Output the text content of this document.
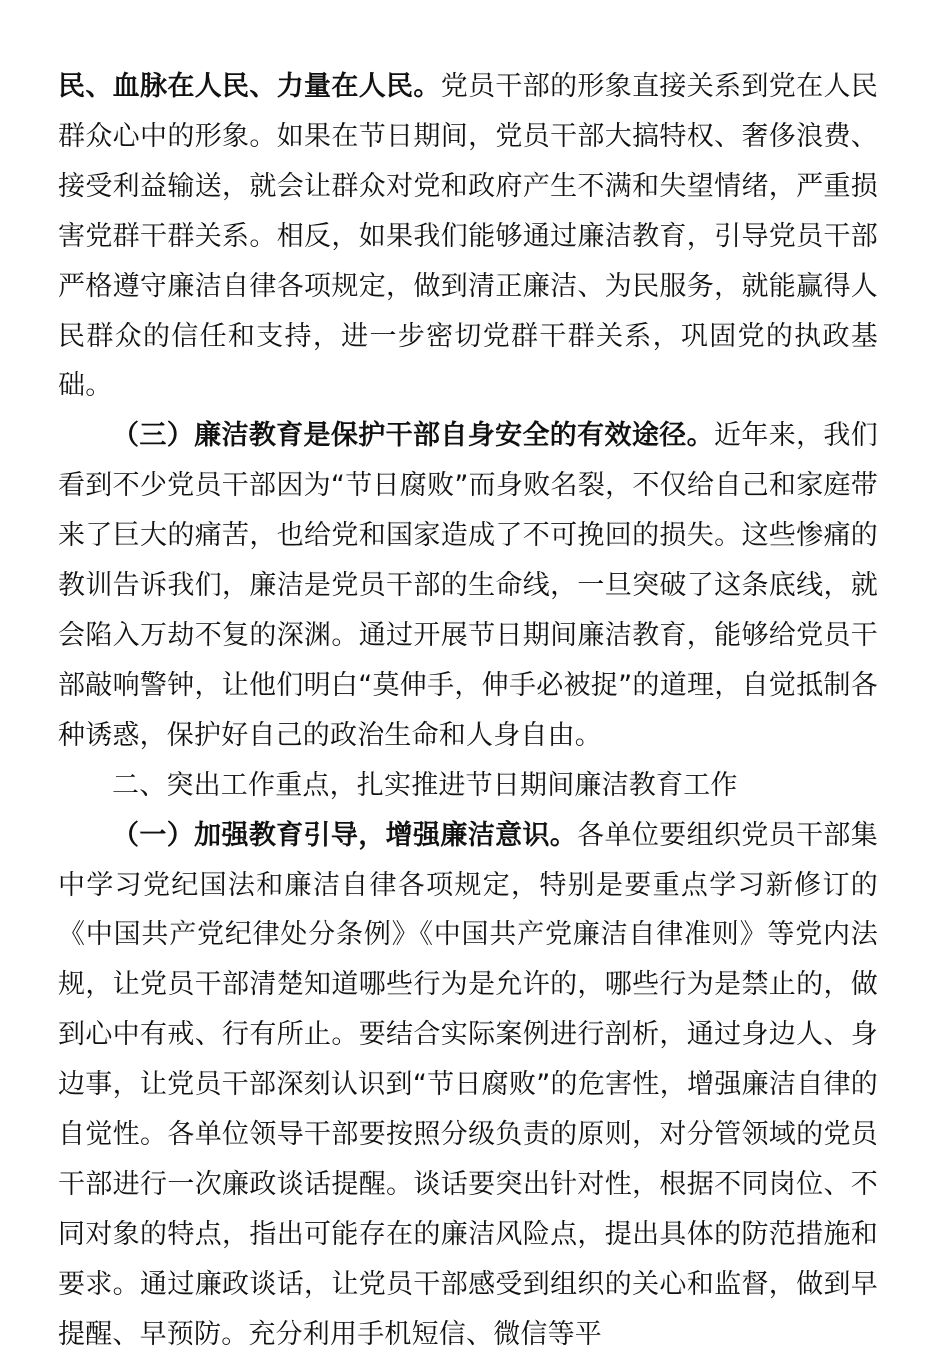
民、血脉在人民、力量在人民。党员干部的形象直接关系到党在人民群众心中的形象。如果在节日期间，党员干部大搞特权、奢侈浪费、接受利益输送，就会让群众对党和政府产生不满和失望情绪，严重损害党群干群关系。相反，如果我们能够通过廉洁教育，引导党员干部严格遵守廉洁自律各项规定，做到清正廉洁、为民服务，就能赢得人民群众的信任和支持，进一步密切党群干群关系，巩固党的执政基础。

（三）廉洁教育是保护干部自身安全的有效途径。近年来，我们看到不少党员干部因为“节日腐败”而身败名裂，不仅给自己和家庭带来了巨大的痛苦，也给党和国家造成了不可挽回的损失。这些惨痛的教训告诉我们，廉洁是党员干部的生命线，一旦突破了这条底线，就会陷入万劫不复的深渊。通过开展节日期间廉洁教育，能够给党员干部敲响警钟，让他们明白“莫伸手，伸手必被捉”的道理，自觉抵制各种诱惑，保护好自己的政治生命和人身自由。

二、突出工作重点，扎实推进节日期间廉洁教育工作

（一）加强教育引导，增强廉洁意识。各单位要组织党员干部集中学习党纪国法和廉洁自律各项规定，特别是要重点学习新修订的《中国共产党纪律处分条例》《中国共产党廉洁自律准则》等党内法规，让党员干部清楚知道哪些行为是允许的，哪些行为是禁止的，做到心中有戒、行有所止。要结合实际案例进行剖析，通过身边人、身边事，让党员干部深刻认识到“节日腐败”的危害性，增强廉洁自律的自觉性。各单位领导干部要按照分级负责的原则，对分管领域的党员干部进行一次廉政谈话提醒。谈话要突出针对性，根据不同岗位、不同对象的特点，指出可能存在的廉洁风险点，提出具体的防范措施和要求。通过廉政谈话，让党员干部感受到组织的关心和监督，做到早提醒、早预防。充分利用手机短信、微信等平
